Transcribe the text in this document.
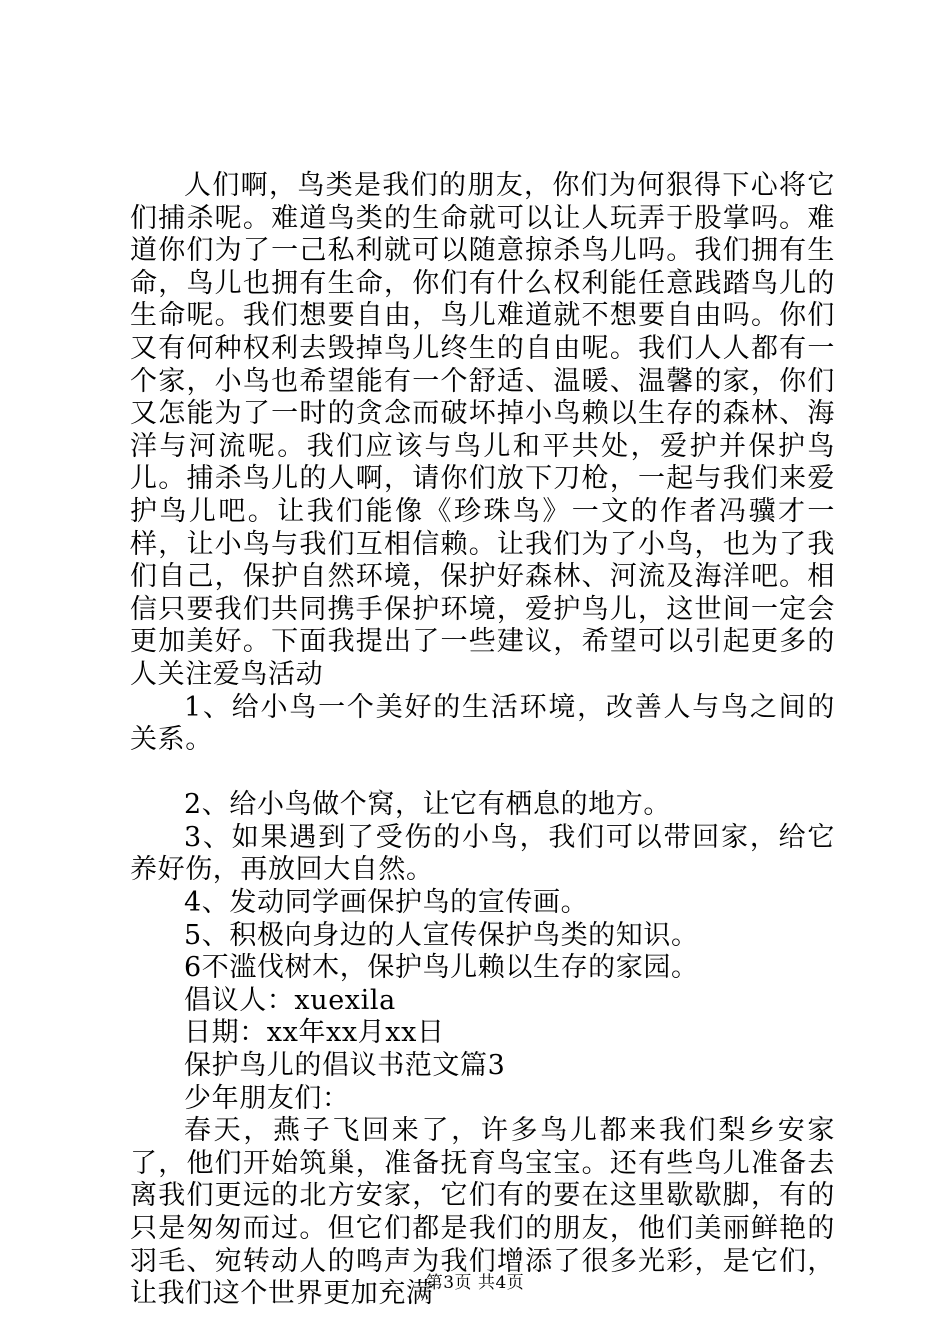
人们啊，鸟类是我们的朋友，你们为何狠得下心将它们捕杀呢。难道鸟类的生命就可以让人玩弄于股掌吗。难道你们为了一己私利就可以随意掠杀鸟儿吗。我们拥有生命，鸟儿也拥有生命，你们有什么权利能任意践踏鸟儿的生命呢。我们想要自由，鸟儿难道就不想要自由吗。你们又有何种权利去毁掉鸟儿终生的自由呢。我们人人都有一个家，小鸟也希望能有一个舒适、温暖、温馨的家，你们又怎能为了一时的贪念而破坏掉小鸟赖以生存的森林、海洋与河流呢。我们应该与鸟儿和平共处，爱护并保护鸟儿。捕杀鸟儿的人啊，请你们放下刀枪，一起与我们来爱护鸟儿吧。让我们能像《珍珠鸟》一文的作者冯骥才一样，让小鸟与我们互相信赖。让我们为了小鸟，也为了我们自己，保护自然环境，保护好森林、河流及海洋吧。相信只要我们共同携手保护环境，爱护鸟儿，这世间一定会更加美好。下面我提出了一些建议，希望可以引起更多的人关注爱鸟活动

1、给小鸟一个美好的生活环境，改善人与鸟之间的关系。

2、给小鸟做个窝，让它有栖息的地方。

3、如果遇到了受伤的小鸟，我们可以带回家，给它养好伤，再放回大自然。

4、发动同学画保护鸟的宣传画。

5、积极向身边的人宣传保护鸟类的知识。

6不滥伐树木，保护鸟儿赖以生存的家园。

倡议人：xuexila

日期：xx年xx月xx日

保护鸟儿的倡议书范文篇3

少年朋友们：

春天，燕子飞回来了，许多鸟儿都来我们梨乡安家了，他们开始筑巢，准备抚育鸟宝宝。还有些鸟儿准备去离我们更远的北方安家，它们有的要在这里歇歇脚，有的只是匆匆而过。但它们都是我们的朋友，他们美丽鲜艳的羽毛、宛转动人的鸣声为我们增添了很多光彩，是它们，让我们这个世界更加充满

第3页 共4页
